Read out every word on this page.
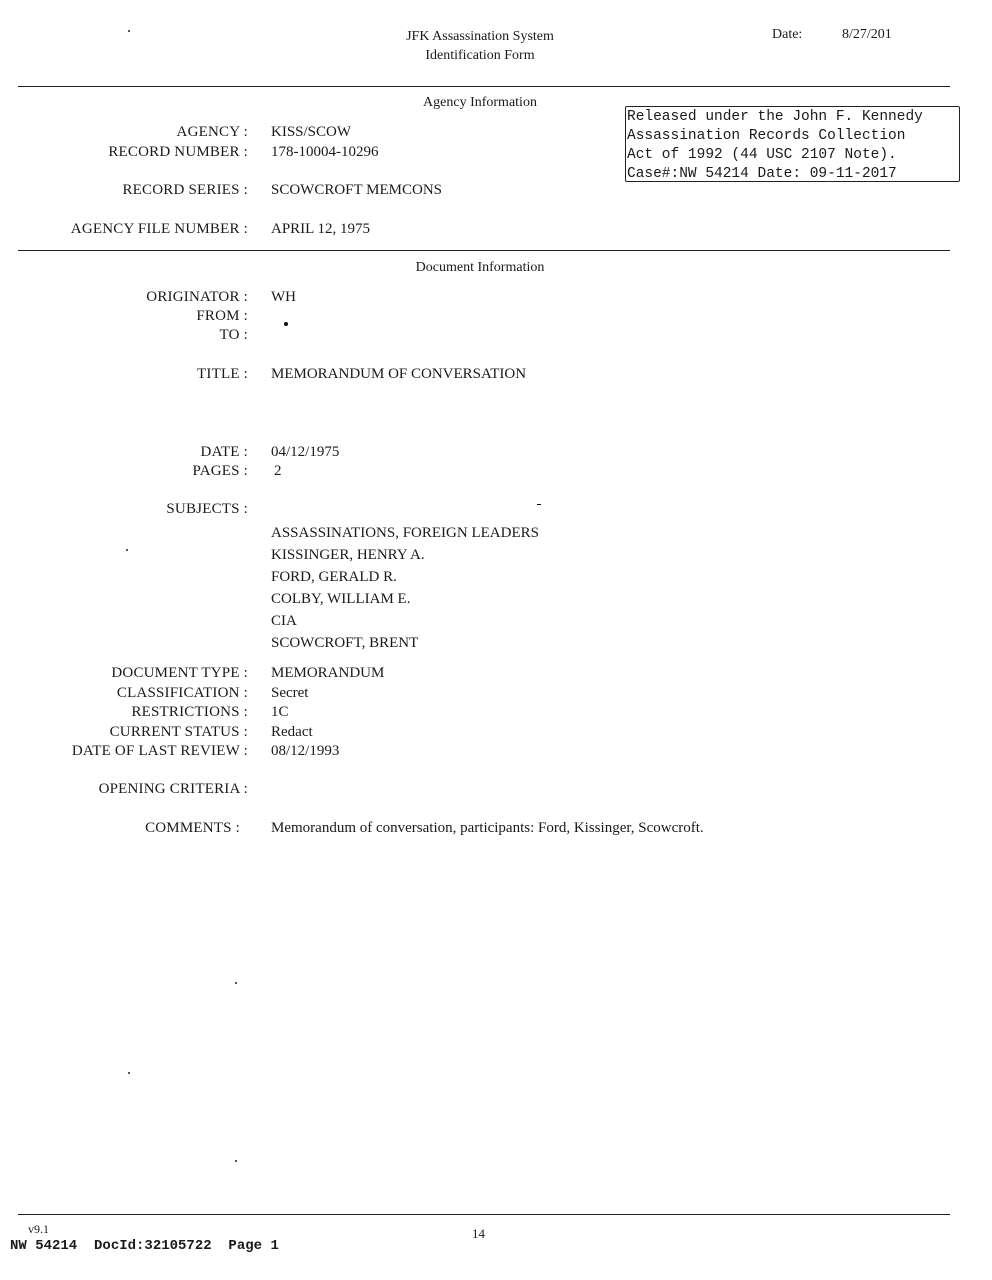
JFK Assassination System
Identification Form
Date:	8/27/201
Agency Information
Released under the John F. Kennedy
Assassination Records Collection
Act of 1992 (44 USC 2107 Note).
Case#:NW 54214 Date: 09-11-2017
AGENCY : KISS/SCOW
RECORD NUMBER : 178-10004-10296
RECORD SERIES : SCOWCROFT MEMCONS
AGENCY FILE NUMBER : APRIL 12, 1975
Document Information
ORIGINATOR : WH
FROM :
TO :
TITLE : MEMORANDUM OF CONVERSATION
DATE : 04/12/1975
PAGES : 2
SUBJECTS :
ASSASSINATIONS, FOREIGN LEADERS
KISSINGER, HENRY A.
FORD, GERALD R.
COLBY, WILLIAM E.
CIA
SCOWCROFT, BRENT
DOCUMENT TYPE : MEMORANDUM
CLASSIFICATION : Secret
RESTRICTIONS : 1C
CURRENT STATUS : Redact
DATE OF LAST REVIEW : 08/12/1993
OPENING CRITERIA :
COMMENTS : Memorandum of conversation, participants: Ford, Kissinger, Scowcroft.
v9.1	14
NW 54214  DocId:32105722  Page 1
